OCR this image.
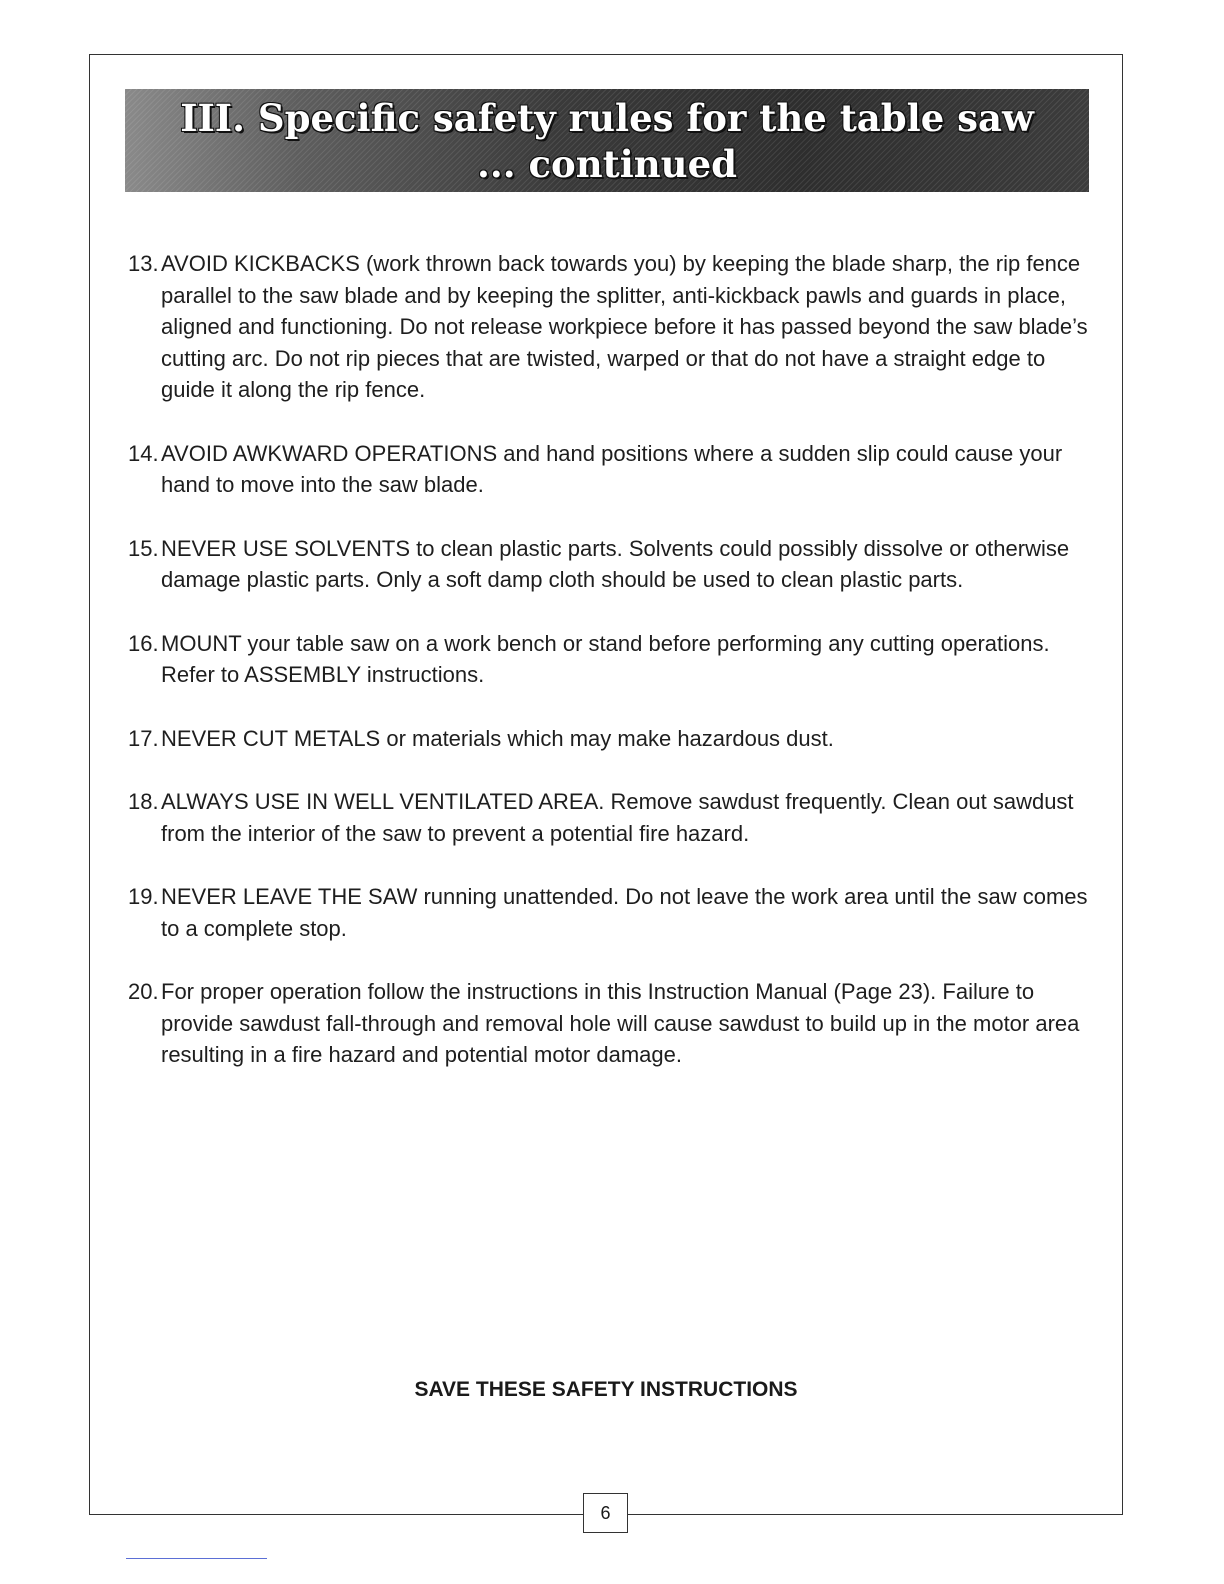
III. Specific safety rules for the table saw
... continued
13. AVOID KICKBACKS (work thrown back towards you) by keeping the blade sharp, the rip fence parallel to the saw blade and by keeping the splitter, anti-kickback pawls and guards in place, aligned and functioning. Do not release workpiece before it has passed beyond the saw blade’s cutting arc. Do not rip pieces that are twisted, warped or that do not have a straight edge to guide it along the rip fence.
14. AVOID AWKWARD OPERATIONS and hand positions where a sudden slip could cause your hand to move into the saw blade.
15. NEVER USE SOLVENTS to clean plastic parts. Solvents could possibly dissolve or otherwise damage plastic parts. Only a soft damp cloth should be used to clean plastic parts.
16. MOUNT your table saw on a work bench or stand before performing any cutting operations. Refer to ASSEMBLY instructions.
17. NEVER CUT METALS or materials which may make hazardous dust.
18. ALWAYS USE IN WELL VENTILATED AREA. Remove sawdust frequently. Clean out sawdust from the interior of the saw to prevent a potential fire hazard.
19. NEVER LEAVE THE SAW running unattended. Do not leave the work area until the saw comes to a complete stop.
20. For proper operation follow the instructions in this Instruction Manual (Page 23). Failure to provide sawdust fall-through and removal hole will cause sawdust to build up in the motor area resulting in a fire hazard and potential motor damage.
SAVE THESE SAFETY INSTRUCTIONS
6
